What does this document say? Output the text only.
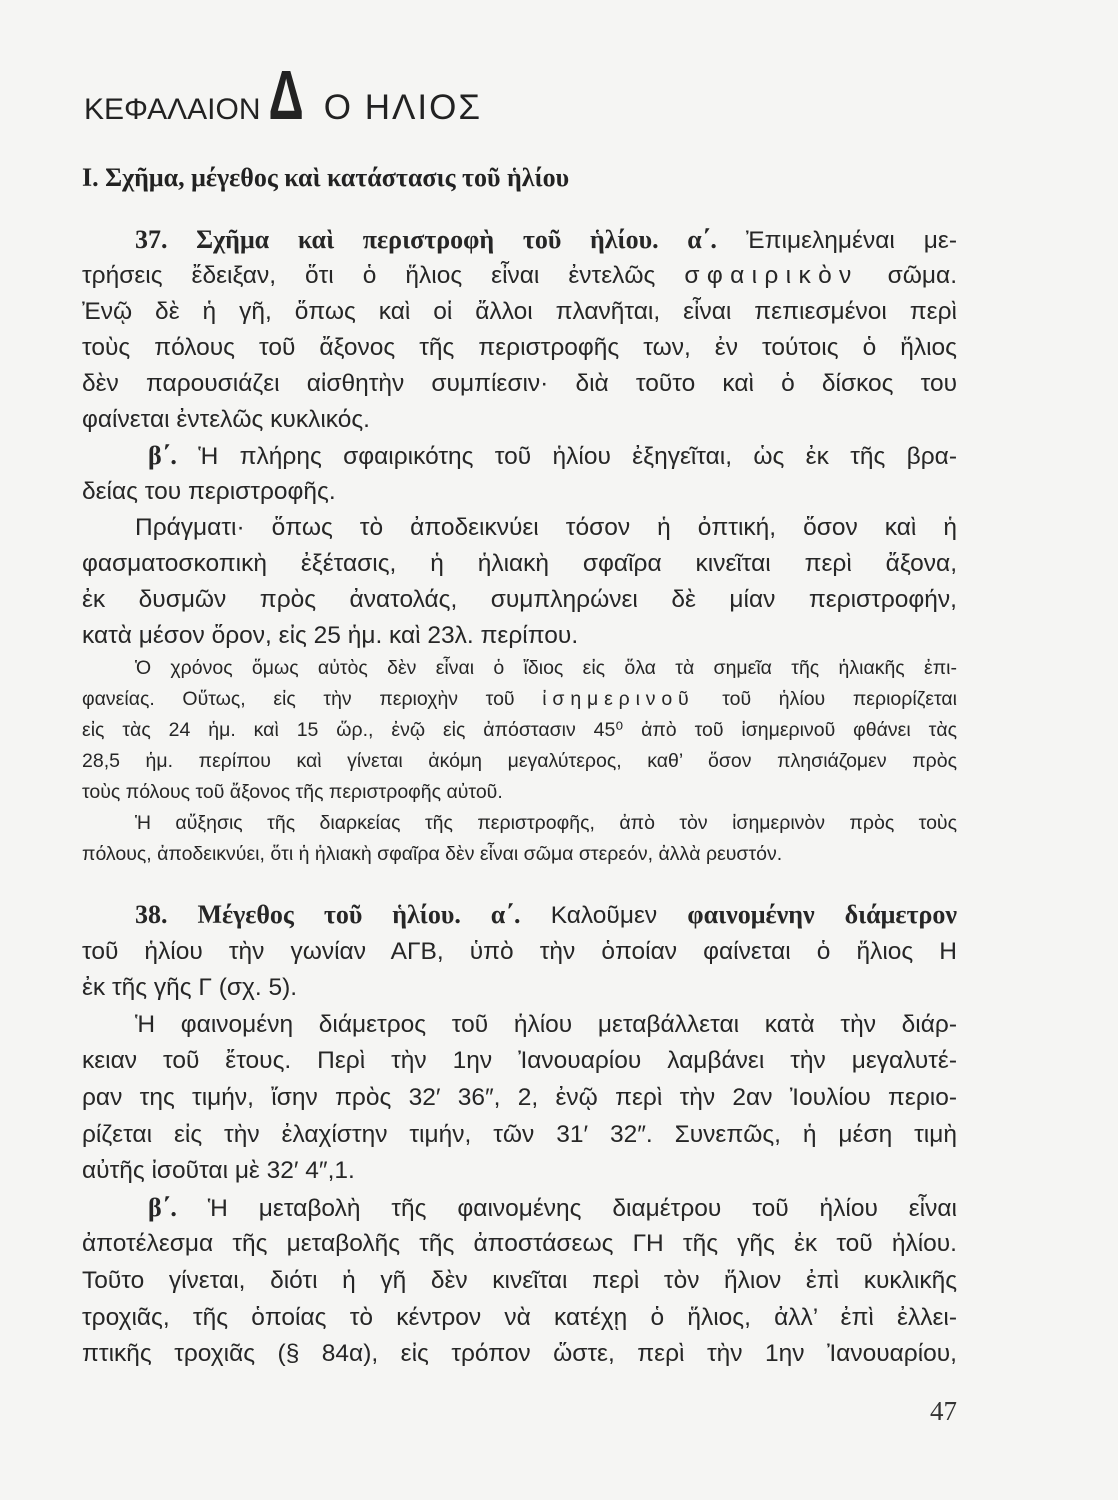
ΚΕΦΑΛΑΙΟΝ Δ Ο ΗΛΙΟΣ
Ι. Σχῆμα, μέγεθος καὶ κατάστασις τοῦ ἡλίου
37. Σχῆμα καὶ περιστροφὴ τοῦ ἡλίου. α΄. Ἐπιμελημέναι με-
τρήσεις ἔδειξαν, ὅτι ὁ ἥλιος εἶναι ἐντελῶς σφαιρικὸν σῶμα.
Ἐνῷ δὲ ἡ γῆ, ὅπως καὶ οἱ ἄλλοι πλανῆται, εἶναι πεπιεσμένοι περὶ
τοὺς πόλους τοῦ ἄξονος τῆς περιστροφῆς των, ἐν τούτοις ὁ ἥλιος
δὲν παρουσιάζει αἰσθητὴν συμπίεσιν· διὰ τοῦτο καὶ ὁ δίσκος του
φαίνεται ἐντελῶς κυκλικός.
β΄. Ἡ πλήρης σφαιρικότης τοῦ ἡλίου ἐξηγεῖται, ὡς ἐκ τῆς βρα-
δείας του περιστροφῆς.
Πράγματι· ὅπως τὸ ἀποδεικνύει τόσον ἡ ὀπτική, ὅσον καὶ ἡ
φασματοσκοπικὴ ἐξέτασις, ἡ ἡλιακὴ σφαῖρα κινεῖται περὶ ἄξονα,
ἐκ δυσμῶν πρὸς ἀνατολάς, συμπληρώνει δὲ μίαν περιστροφήν,
κατὰ μέσον ὅρον, εἰς 25 ἡμ. καὶ 23λ. περίπου.
Ὁ χρόνος ὅμως αὐτὸς δὲν εἶναι ὁ ἴδιος εἰς ὅλα τὰ σημεῖα τῆς ἡλιακῆς ἐπι-
φανείας. Οὕτως, εἰς τὴν περιοχὴν τοῦ ἰσημερινοῦ τοῦ ἡλίου περιορίζεται
εἰς τὰς 24 ἡμ. καὶ 15 ὥρ., ἐνῷ εἰς ἀπόστασιν 45⁰ ἀπὸ τοῦ ἰσημερινοῦ φθάνει τὰς
28,5 ἡμ. περίπου καὶ γίνεται ἀκόμη μεγαλύτερος, καθ’ ὅσον πλησιάζομεν πρὸς
τοὺς πόλους τοῦ ἄξονος τῆς περιστροφῆς αὐτοῦ.
Ἡ αὔξησις τῆς διαρκείας τῆς περιστροφῆς, ἀπὸ τὸν ἰσημερινὸν πρὸς τοὺς
πόλους, ἀποδεικνύει, ὅτι ἡ ἡλιακὴ σφαῖρα δὲν εἶναι σῶμα στερεόν, ἀλλὰ ρευστόν.
38. Μέγεθος τοῦ ἡλίου. α΄. Καλοῦμεν φαινομένην διάμετρον
τοῦ ἡλίου τὴν γωνίαν ΑΓΒ, ὑπὸ τὴν ὁποίαν φαίνεται ὁ ἥλιος Η
ἐκ τῆς γῆς Γ (σχ. 5).
Ἡ φαινομένη διάμετρος τοῦ ἡλίου μεταβάλλεται κατὰ τὴν διάρ-
κειαν τοῦ ἔτους. Περὶ τὴν 1ην Ἰανουαρίου λαμβάνει τὴν μεγαλυτέ-
ραν της τιμήν, ἴσην πρὸς 32′ 36″, 2, ἐνῷ περὶ τὴν 2αν Ἰουλίου περιο-
ρίζεται εἰς τὴν ἐλαχίστην τιμήν, τῶν 31′ 32″. Συνεπῶς, ἡ μέση τιμὴ
αὐτῆς ἰσοῦται μὲ 32′ 4″,1.
β΄. Ἡ μεταβολὴ τῆς φαινομένης διαμέτρου τοῦ ἡλίου εἶναι
ἀποτέλεσμα τῆς μεταβολῆς τῆς ἀποστάσεως ΓΗ τῆς γῆς ἐκ τοῦ ἡλίου.
Τοῦτο γίνεται, διότι ἡ γῆ δὲν κινεῖται περὶ τὸν ἥλιον ἐπὶ κυκλικῆς
τροχιᾶς, τῆς ὁποίας τὸ κέντρον νὰ κατέχῃ ὁ ἥλιος, ἀλλ’ ἐπὶ ἐλλει-
πτικῆς τροχιᾶς (§ 84α), εἰς τρόπον ὥστε, περὶ τὴν 1ην Ἰανουαρίου,
47
